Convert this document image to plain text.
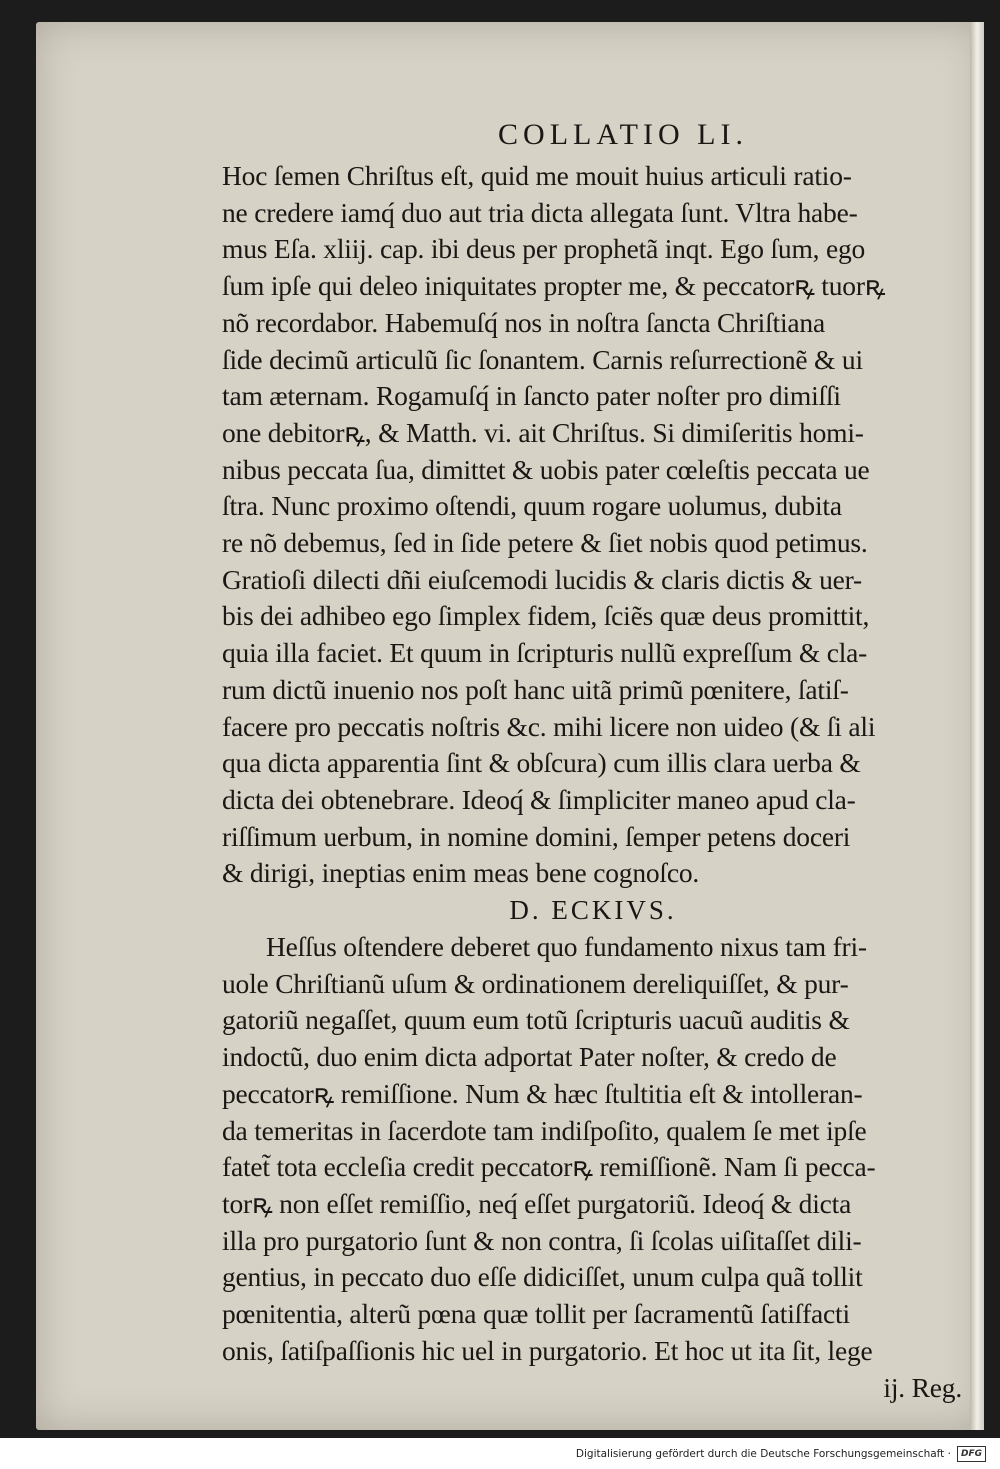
COLLATIO LI.
Hoc ſemen Chriſtus eſt, quid me mouit huius articuli ratio-
ne credere iamq́ duo aut tria dicta allegata ſunt. Vltra habe-
mus Eſa. xliij. cap. ibi deus per prophetã inqt. Ego ſum, ego
ſum ipſe qui deleo iniquitates propter me, & peccatorꝶ tuorꝶ
nõ recordabor. Habemuſq́ nos in noſtra ſancta Chriſtiana
ſide decimũ articulũ ſic ſonantem. Carnis reſurrectionẽ & ui
tam æternam. Rogamuſq́ in ſancto pater noſter pro dimiſſi
one debitorꝶ, & Matth. vi. ait Chriſtus. Si dimiſeritis homi-
nibus peccata ſua, dimittet & uobis pater cœleſtis peccata ue
ſtra. Nunc proximo oſtendi, quum rogare uolumus, dubita
re nõ debemus, ſed in ſide petere & ſiet nobis quod petimus.
Gratioſi dilecti dñi eiuſcemodi lucidis & claris dictis & uer-
bis dei adhibeo ego ſimplex fidem, ſciẽs quæ deus promittit,
quia illa faciet. Et quum in ſcripturis nullũ expreſſum & cla-
rum dictũ inuenio nos poſt hanc uitã primũ pœnitere, ſatiſ-
facere pro peccatis noſtris &c. mihi licere non uideo (& ſi ali
qua dicta apparentia ſint & obſcura) cum illis clara uerba &
dicta dei obtenebrare. Ideoq́ & ſimpliciter maneo apud cla-
riſſimum uerbum, in nomine domini, ſemper petens doceri
& dirigi, ineptias enim meas bene cognoſco.
D. ECKIVS.
Heſſus oſtendere deberet quo fundamento nixus tam fri-
uole Chriſtianũ uſum & ordinationem dereliquiſſet, & pur-
gatoriũ negaſſet, quum eum totũ ſcripturis uacuũ auditis &
indoctũ, duo enim dicta adportat Pater noſter, & credo de
peccatorꝶ remiſſione. Num & hæc ſtultitia eſt & intolleran-
da temeritas in ſacerdote tam indiſpoſito, qualem ſe met ipſe
fatet̃ tota eccleſia credit peccatorꝶ remiſſionẽ. Nam ſi pecca-
torꝶ non eſſet remiſſio, neq́ eſſet purgatoriũ. Ideoq́ & dicta
illa pro purgatorio ſunt & non contra, ſi ſcolas uiſitaſſet dili-
gentius, in peccato duo eſſe didiciſſet, unum culpa quã tollit
pœnitentia, alterũ pœna quæ tollit per ſacramentũ ſatiſfacti
onis, ſatiſpaſſionis hic uel in purgatorio. Et hoc ut ita ſit, lege
ij. Reg.
Digitalisierung gefördert durch die Deutsche Forschungsgemeinschaft ·	DFG
